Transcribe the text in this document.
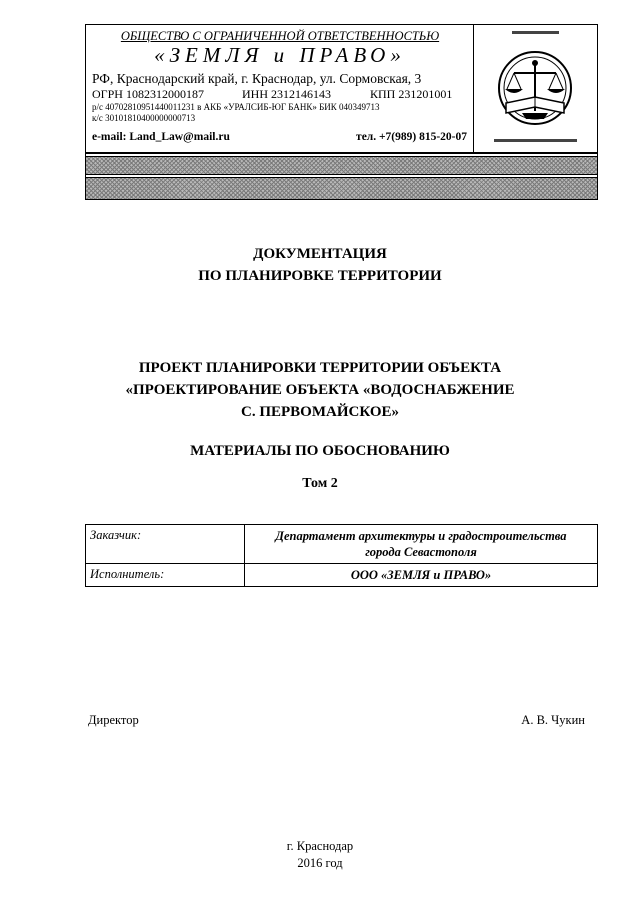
ОБЩЕСТВО С ОГРАНИЧЕННОЙ ОТВЕТСТВЕННОСТЬЮ
«ЗЕМЛЯ и ПРАВО»
РФ, Краснодарский край, г. Краснодар, ул. Сормовская, 3
ОГРН 1082312000187	ИНН 2312146143	КПП 231201001
р/с 40702810951440011231 в АКБ «УРАЛСИБ-ЮГ БАНК» БИК 040349713
к/с 30101810400000000713
e-mail: Land_Law@mail.ru	тел. +7(989) 815-20-07
ДОКУМЕНТАЦИЯ
ПО ПЛАНИРОВКЕ ТЕРРИТОРИИ
ПРОЕКТ ПЛАНИРОВКИ ТЕРРИТОРИИ ОБЪЕКТА
«ПРОЕКТИРОВАНИЕ ОБЪЕКТА «ВОДОСНАБЖЕНИЕ
С. ПЕРВОМАЙСКОЕ»
МАТЕРИАЛЫ ПО ОБОСНОВАНИЮ
Том 2
Заказчик:	Департамент архитектуры и градостроительства
города Севастополя

Исполнитель:	ООО «ЗЕМЛЯ и ПРАВО»
Директор	А. В. Чукин
г. Краснодар
2016 год
